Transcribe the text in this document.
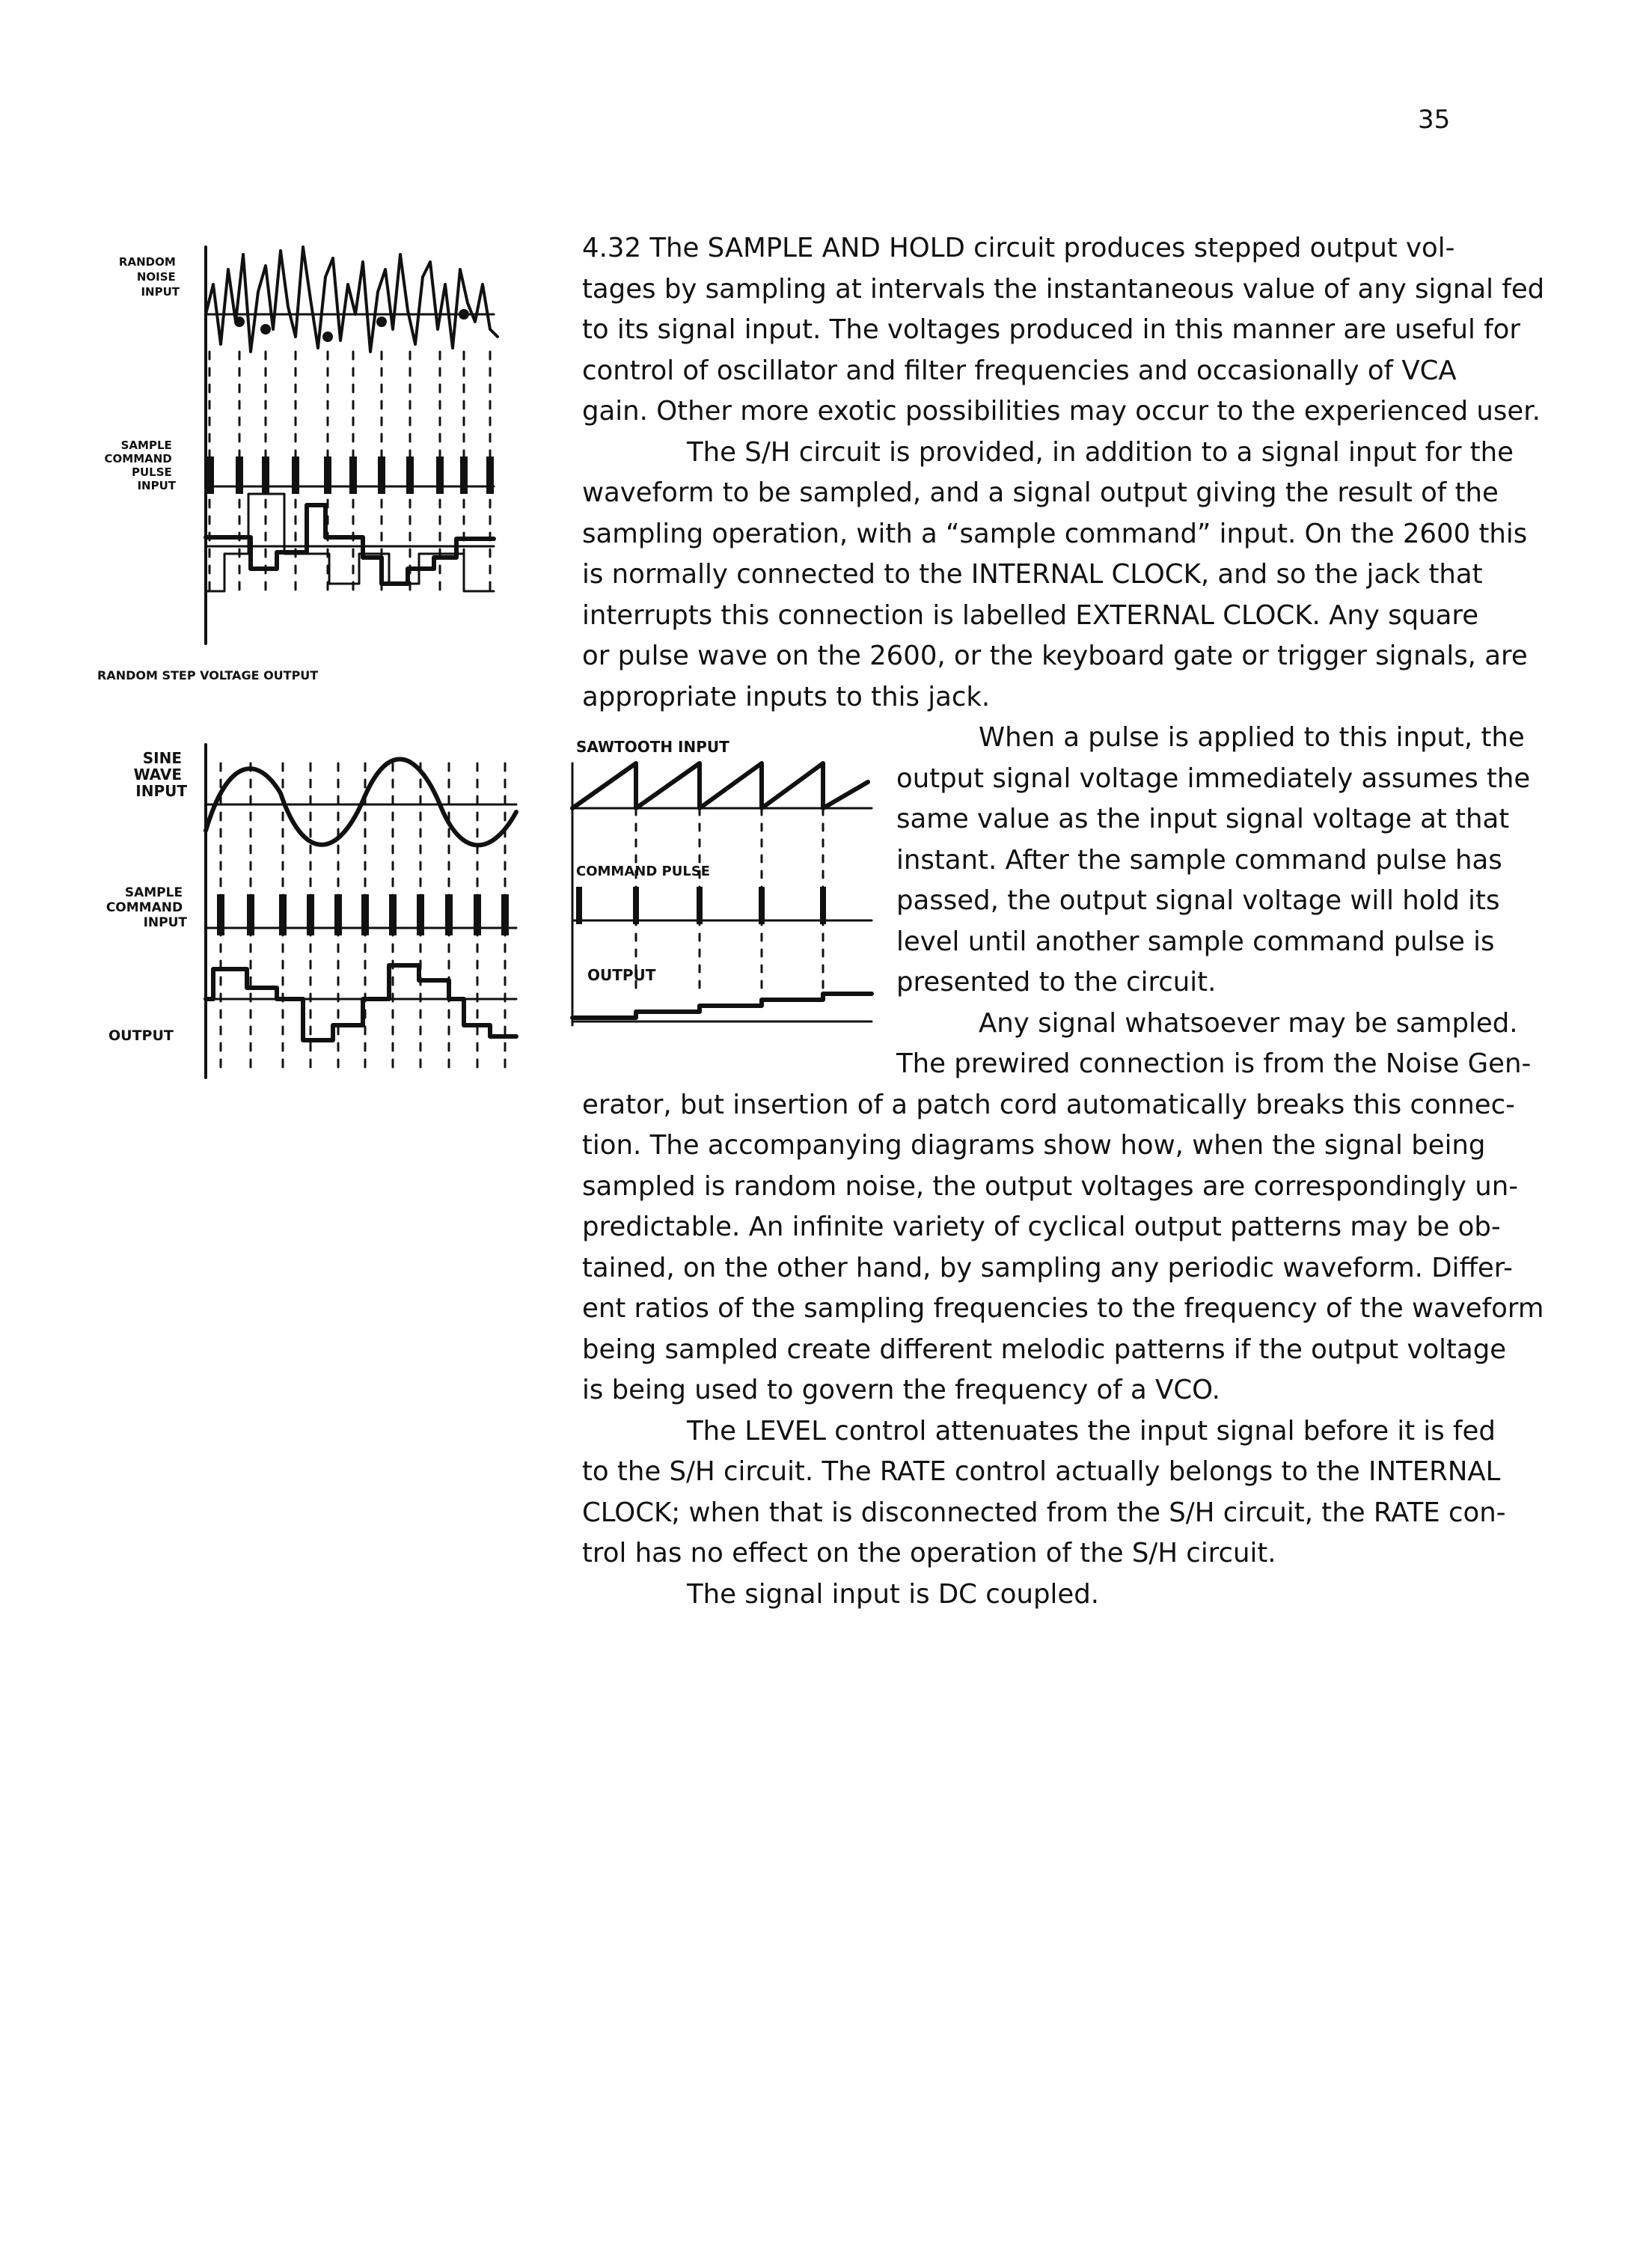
35
RANDOM NOISE INPUT
SAMPLE COMMAND PULSE INPUT
RANDOM STEP VOLTAGE OUTPUT
SINE WAVE INPUT
SAMPLE COMMAND INPUT
OUTPUT
SAWTOOTH INPUT
COMMAND PULSE
OUTPUT
4.32 The SAMPLE AND HOLD circuit produces stepped output vol-
tages by sampling at intervals the instantaneous value of any signal fed
to its signal input. The voltages produced in this manner are useful for
control of oscillator and filter frequencies and occasionally of VCA
gain. Other more exotic possibilities may occur to the experienced user.
The S/H circuit is provided, in addition to a signal input for the
waveform to be sampled, and a signal output giving the result of the
sampling operation, with a “sample command” input. On the 2600 this
is normally connected to the INTERNAL CLOCK, and so the jack that
interrupts this connection is labelled EXTERNAL CLOCK. Any square
or pulse wave on the 2600, or the keyboard gate or trigger signals, are
appropriate inputs to this jack.
When a pulse is applied to this input, the
output signal voltage immediately assumes the
same value as the input signal voltage at that
instant. After the sample command pulse has
passed, the output signal voltage will hold its
level until another sample command pulse is
presented to the circuit.
Any signal whatsoever may be sampled.
The prewired connection is from the Noise Gen-
erator, but insertion of a patch cord automatically breaks this connec-
tion. The accompanying diagrams show how, when the signal being
sampled is random noise, the output voltages are correspondingly un-
predictable. An infinite variety of cyclical output patterns may be ob-
tained, on the other hand, by sampling any periodic waveform. Differ-
ent ratios of the sampling frequencies to the frequency of the waveform
being sampled create different melodic patterns if the output voltage
is being used to govern the frequency of a VCO.
The LEVEL control attenuates the input signal before it is fed
to the S/H circuit. The RATE control actually belongs to the INTERNAL
CLOCK; when that is disconnected from the S/H circuit, the RATE con-
trol has no effect on the operation of the S/H circuit.
The signal input is DC coupled.
